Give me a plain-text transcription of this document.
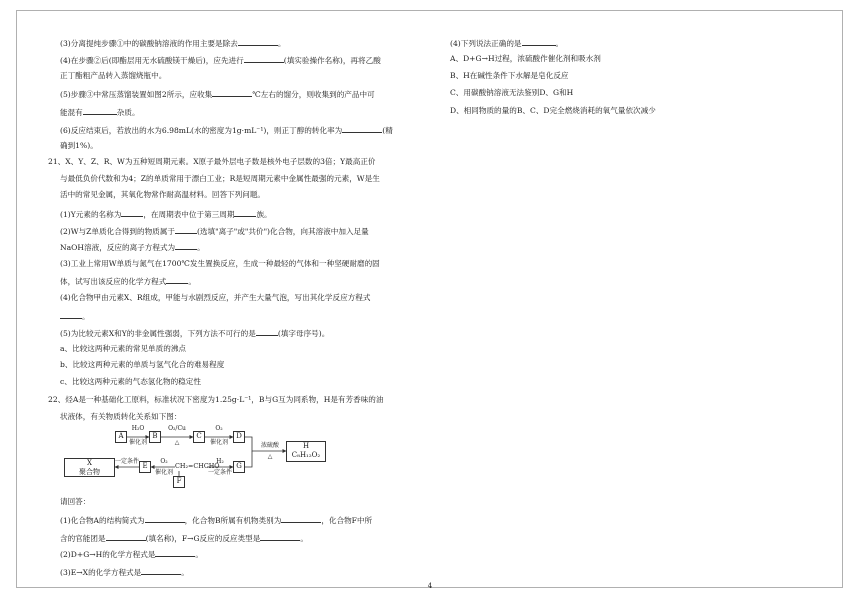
(3)分离提纯步骤①中的碳酸钠溶液的作用主要是除去	。
(4)在步骤②后(即酯层用无水硫酸镁干燥后)，应先进行	(填实验操作名称)，再将乙酸
正丁酯粗产品转入蒸馏烧瓶中。
(5)步骤③中常压蒸馏装置如图2所示，应收集	℃左右的馏分，则收集到的产品中可
能混有	杂质。
(6)反应结束后，若放出的水为6.98mL(水的密度为1g·mL⁻¹)，则正丁醇的转化率为	(精
确到1%)。
21、X、Y、Z、R、W为五种短周期元素。X原子最外层电子数是核外电子层数的3倍；Y最高正价
与最低负价代数和为4；Z的单质常用于漂白工业；R是短周期元素中金属性最强的元素，W是生
活中的常见金属，其氧化物常作耐高温材料。回答下列问题。
(1)Y元素的名称为	，在周期表中位于第三周期	族。
(2)W与Z单质化合得到的物质属于	(选填"离子"或"共价")化合物，向其溶液中加入足量
NaOH溶液，反应的离子方程式为	。
(3)工业上常用W单质与氮气在1700℃发生置换反应，生成一种最轻的气体和一种坚硬耐磨的固
体，试写出该反应的化学方程式	。
(4)化合物甲由元素X、R组成，甲能与水剧烈反应，并产生大量气泡，写出其化学反应方程式
。
(5)为比较元素X和Y的非金属性强弱，下列方法不可行的是	(填字母序号)。
a、比较这两种元素的常见单质的沸点
b、比较这两种元素的单质与氢气化合的难易程度
c、比较这两种元素的气态氢化物的稳定性
22、烃A是一种基础化工原料，标准状况下密度为1.25g·L⁻¹，B与G互为同系物，H是有芳香味的油
状液体，有关物质转化关系如下图：
请回答：
(1)化合物A的结构简式为	，化合物B所属有机物类别为	，化合物F中所
含的官能团是	(填名称)，F→G反应的反应类型是	。
(2)D+G→H的化学方程式是	。
(3)E→X的化学方程式是	。
(4)下列说法正确的是	。
A、D+G→H过程，浓硫酸作催化剂和吸水剂
B、H在碱性条件下水解是皂化反应
C、用碳酸钠溶液无法鉴别D、G和H
D、相同物质的量的B、C、D完全燃烧消耗的氧气量依次减少
A	B	C	D
G
E
F
X
聚合物
H
C₈H₁₂O₂
H₂O
催化剂
O₂/Cu
△
O₂
催化剂	浓硫酸
△
一定条件	O₂
催化剂
CH₂=CHCHO
H₂
一定条件
4
